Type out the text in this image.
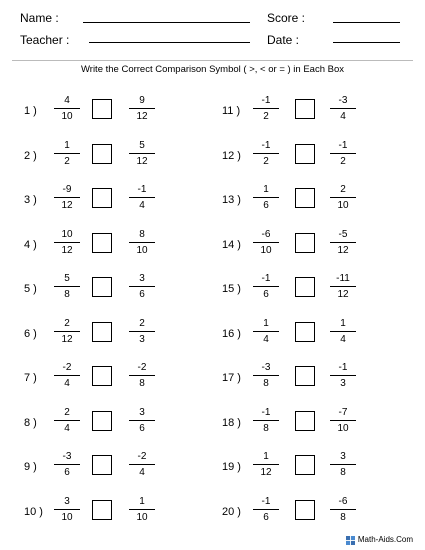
Name :	Score :
Teacher :	Date :
Write the Correct Comparison Symbol ( >, < or = ) in Each Box
1 ) $\frac{4}{10}$	$\frac{9}{12}$
2 ) $\frac{1}{2}$	$\frac{5}{12}$
3 ) $\frac{-9}{12}$	$\frac{-1}{4}$
4 ) $\frac{10}{12}$	$\frac{8}{10}$
5 ) $\frac{5}{8}$	$\frac{3}{6}$
6 ) $\frac{2}{12}$	$\frac{2}{3}$
7 ) $\frac{-2}{4}$	$\frac{-2}{8}$
8 ) $\frac{2}{4}$	$\frac{3}{6}$
9 ) $\frac{-3}{6}$	$\frac{-2}{4}$
10 ) $\frac{3}{10}$	$\frac{1}{10}$
11 ) $\frac{-1}{2}$	$\frac{-3}{4}$
12 ) $\frac{-1}{2}$	$\frac{-1}{2}$
13 ) $\frac{1}{6}$	$\frac{2}{10}$
14 ) $\frac{-6}{10}$	$\frac{-5}{12}$
15 ) $\frac{-1}{6}$	$\frac{-11}{12}$
16 ) $\frac{1}{4}$	$\frac{1}{4}$
17 ) $\frac{-3}{8}$	$\frac{-1}{3}$
18 ) $\frac{-1}{8}$	$\frac{-7}{10}$
19 ) $\frac{1}{12}$	$\frac{3}{8}$
20 ) $\frac{-1}{6}$	$\frac{-6}{8}$
Math-Aids.Com
